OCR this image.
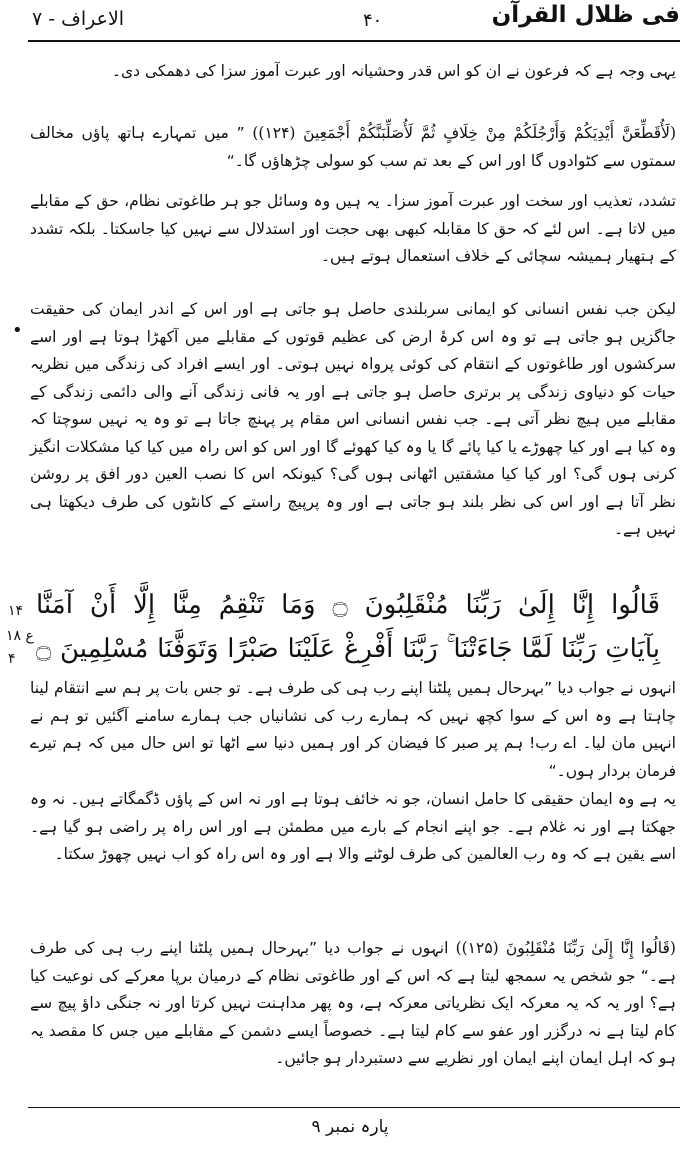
فی ظلال القرآن
۴۰
الاعراف - ۷
یہی وجہ ہے کہ فرعون نے ان کو اس قدر وحشیانہ اور عبرت آموز سزا کی دھمکی دی۔
(لَأُقَطِّعَنَّ أَيْدِيَكُمْ وَأَرْجُلَكُمْ مِنْ خِلَافٍ ثُمَّ لَأُصَلِّبَنَّكُمْ أَجْمَعِينَ (۱۲۴)) ” میں تمہارے ہاتھ پاؤں مخالف سمتوں سے کٹوادوں گا اور اس کے بعد تم سب کو سولی چڑھاؤں گا۔“
تشدد، تعذیب اور سخت اور عبرت آموز سزا۔ یہ ہیں وہ وسائل جو ہر طاغوتی نظام، حق کے مقابلے میں لاتا ہے۔ اس لئے کہ حق کا مقابلہ کبھی بھی حجت اور استدلال سے نہیں کیا جاسکتا۔ بلکہ تشدد کے ہتھیار ہمیشہ سچائی کے خلاف استعمال ہوتے ہیں۔
•
لیکن جب نفس انسانی کو ایمانی سربلندی حاصل ہو جاتی ہے اور اس کے اندر ایمان کی حقیقت جاگزیں ہو جاتی ہے تو وہ اس کرۂ ارض کی عظیم قوتوں کے مقابلے میں آکھڑا ہوتا ہے اور اسے سرکشوں اور طاغوتوں کے انتقام کی کوئی پرواہ نہیں ہوتی۔ اور ایسے افراد کی زندگی میں نظریہ حیات کو دنیاوی زندگی پر برتری حاصل ہو جاتی ہے اور یہ فانی زندگی آنے والی دائمی زندگی کے مقابلے میں ہیچ نظر آتی ہے۔ جب نفس انسانی اس مقام پر پہنچ جاتا ہے تو وہ یہ نہیں سوچتا کہ وہ کیا ہے اور کیا چھوڑے یا کیا پائے گا یا وہ کیا کھوئے گا اور اس کو اس راہ میں کیا کیا مشکلات انگیز کرنی ہوں گی؟ اور کیا کیا مشقتیں اٹھانی ہوں گی؟ کیونکہ اس کا نصب العین دور افق پر روشن نظر آتا ہے اور اس کی نظر بلند ہو جاتی ہے اور وہ پرپیچ راستے کے کانٹوں کی طرف دیکھتا ہی نہیں ہے۔
قَالُوا إِنَّا إِلَىٰ رَبِّنَا مُنْقَلِبُونَ ۝ وَمَا تَنْقِمُ مِنَّا إِلَّا أَنْ آمَنَّا
بِآيَاتِ رَبِّنَا لَمَّا جَاءَتْنَا ۚ رَبَّنَا أَفْرِغْ عَلَيْنَا صَبْرًا وَتَوَفَّنَا مُسْلِمِينَ ۝
۱۴
ع ۱۸
۴
انہوں نے جواب دیا ”بہرحال ہمیں پلٹنا اپنے رب ہی کی طرف ہے۔ تو جس بات پر ہم سے انتقام لینا چاہتا ہے وہ اس کے سوا کچھ نہیں کہ ہمارے رب کی نشانیاں جب ہمارے سامنے آگئیں تو ہم نے انہیں مان لیا۔ اے رب! ہم پر صبر کا فیضان کر اور ہمیں دنیا سے اٹھا تو اس حال میں کہ ہم تیرے فرمان بردار ہوں۔“
یہ ہے وہ ایمان حقیقی کا حامل انسان، جو نہ خائف ہوتا ہے اور نہ اس کے پاؤں ڈگمگاتے ہیں۔ نہ وہ جھکتا ہے اور نہ غلام ہے۔ جو اپنے انجام کے بارے میں مطمئن ہے اور اس راہ پر راضی ہو گیا ہے۔ اسے یقین ہے کہ وہ رب العالمین کی طرف لوٹنے والا ہے اور وہ اس راہ کو اب نہیں چھوڑ سکتا۔
(قَالُوا إِنَّا إِلَىٰ رَبِّنَا مُنْقَلِبُونَ (۱۲۵)) انہوں نے جواب دیا ”بہرحال ہمیں پلٹنا اپنے رب ہی کی طرف ہے۔“ جو شخص یہ سمجھ لیتا ہے کہ اس کے اور طاغوتی نظام کے درمیان برپا معرکے کی نوعیت کیا ہے؟ اور یہ کہ یہ معرکہ ایک نظریاتی معرکہ ہے، وہ پھر مداہنت نہیں کرتا اور نہ جنگی داؤ پیچ سے کام لیتا ہے نہ درگزر اور عفو سے کام لیتا ہے۔ خصوصاً ایسے دشمن کے مقابلے میں جس کا مقصد یہ ہو کہ اہل ایمان اپنے ایمان اور نظریے سے دستبردار ہو جائیں۔
پارہ نمبر ۹
